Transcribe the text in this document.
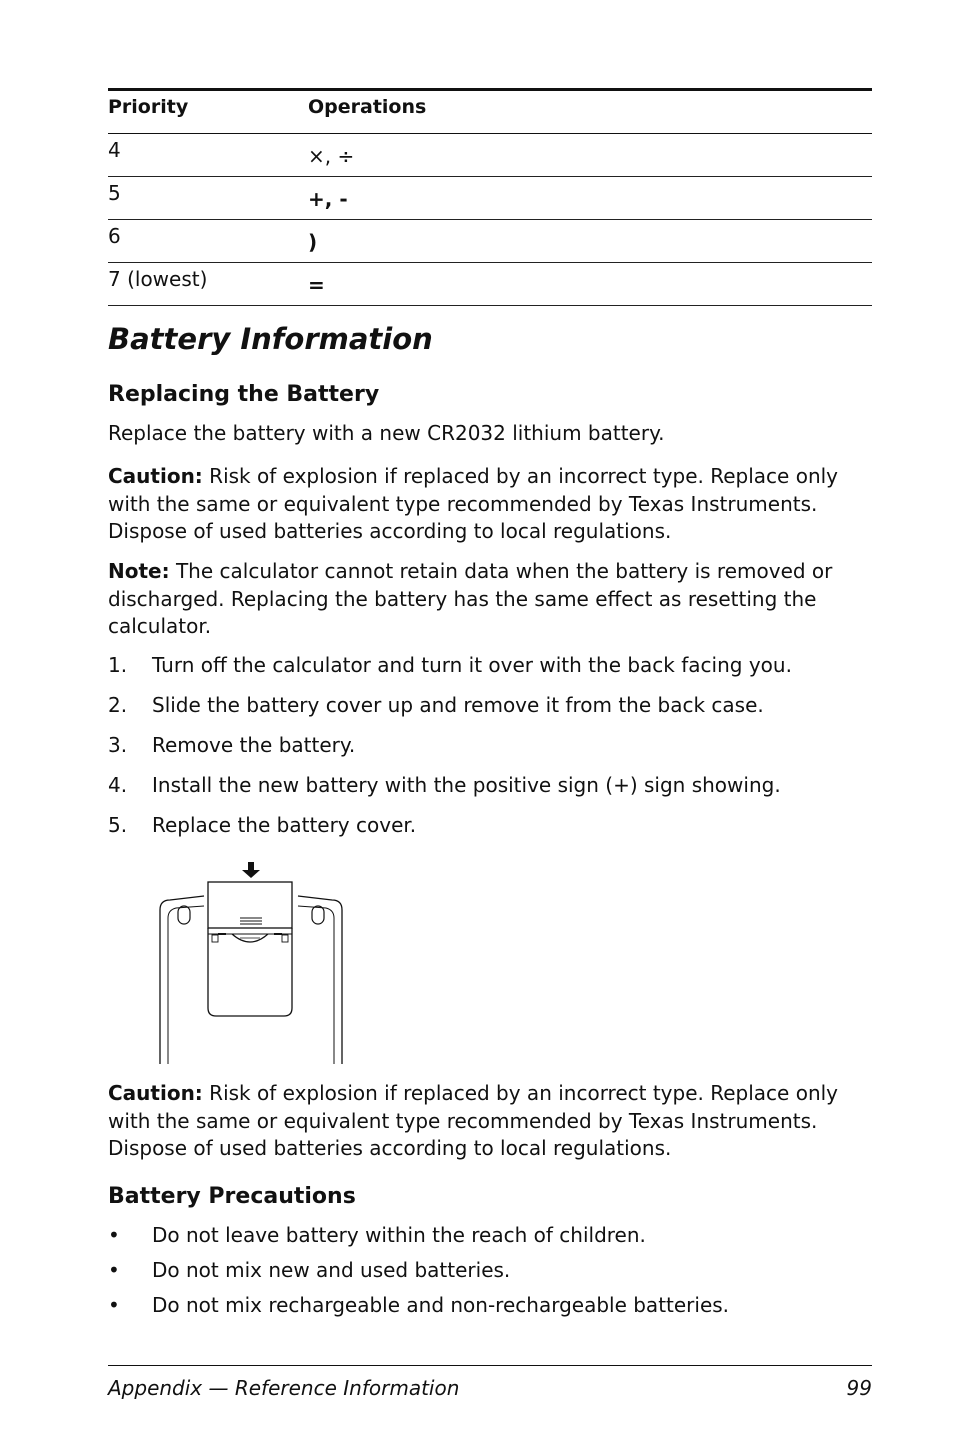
Priority	Operations
4	×, ÷
5	+, -
6	)
7 (lowest)	=
Battery Information
Replacing the Battery

Replace the battery with a new CR2032 lithium battery.

Caution: Risk of explosion if replaced by an incorrect type. Replace only with the same or equivalent type recommended by Texas Instruments. Dispose of used batteries according to local regulations.

Note: The calculator cannot retain data when the battery is removed or discharged. Replacing the battery has the same effect as resetting the calculator.

1. Turn off the calculator and turn it over with the back facing you.
2. Slide the battery cover up and remove it from the back case.
3. Remove the battery.
4. Install the new battery with the positive sign (+) sign showing.
5. Replace the battery cover.

Caution: Risk of explosion if replaced by an incorrect type. Replace only with the same or equivalent type recommended by Texas Instruments. Dispose of used batteries according to local regulations.

Battery Precautions
• Do not leave battery within the reach of children.
• Do not mix new and used batteries.
• Do not mix rechargeable and non-rechargeable batteries.
Appendix — Reference Information	99
